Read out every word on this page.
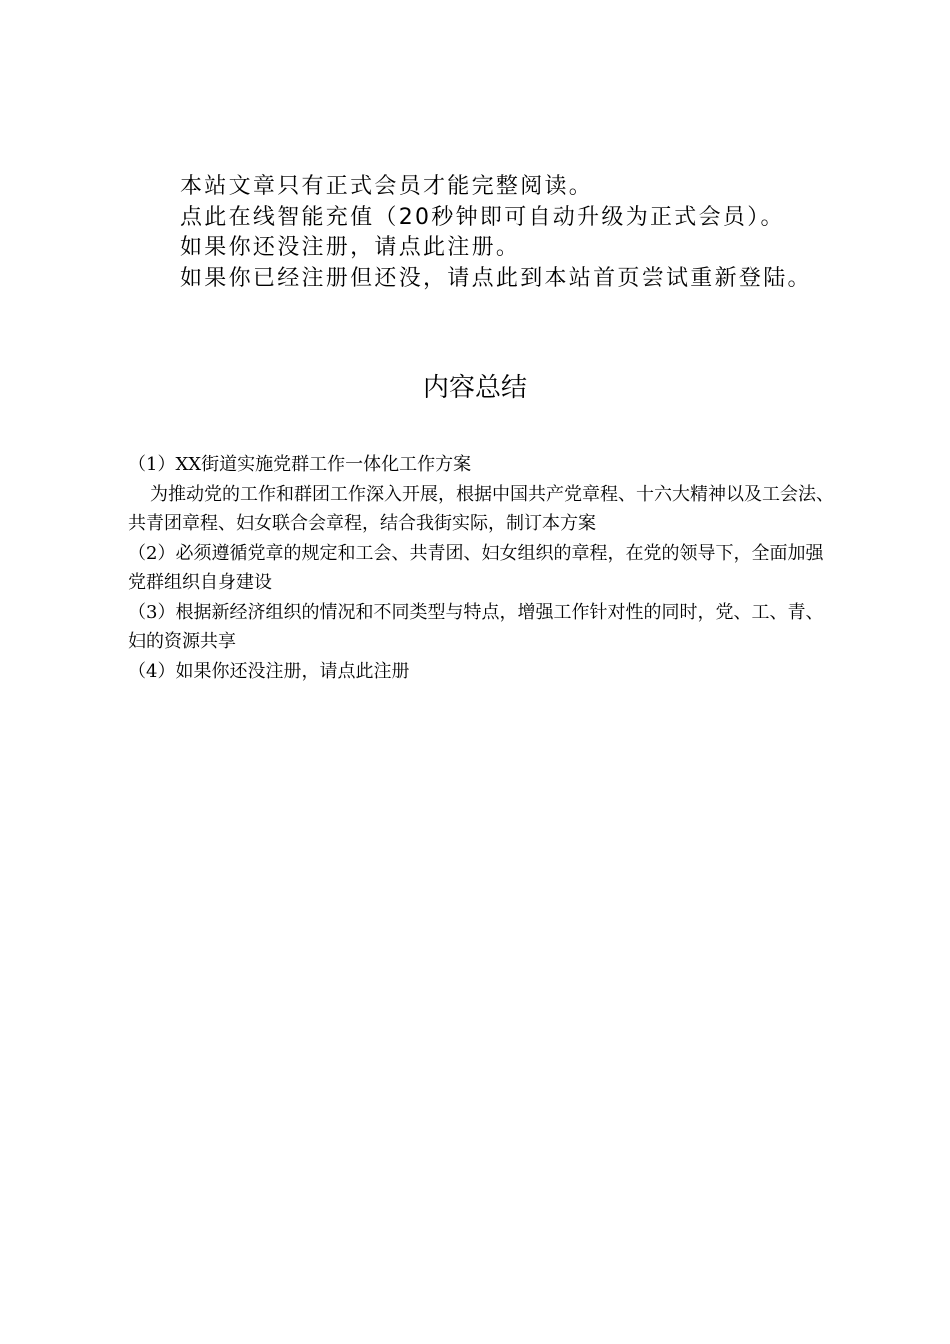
本站文章只有正式会员才能完整阅读。
点此在线智能充值（20秒钟即可自动升级为正式会员）。
如果你还没注册，请点此注册。
如果你已经注册但还没，请点此到本站首页尝试重新登陆。
内容总结

（1）XX街道实施党群工作一体化工作方案

为推动党的工作和群团工作深入开展，根据中国共产党章程、十六大精神以及工会法、共青团章程、妇女联合会章程，结合我街实际，制订本方案

（2）必须遵循党章的规定和工会、共青团、妇女组织的章程，在党的领导下，全面加强党群组织自身建设

（3）根据新经济组织的情况和不同类型与特点，增强工作针对性的同时，党、工、青、妇的资源共享

（4）如果你还没注册，请点此注册
